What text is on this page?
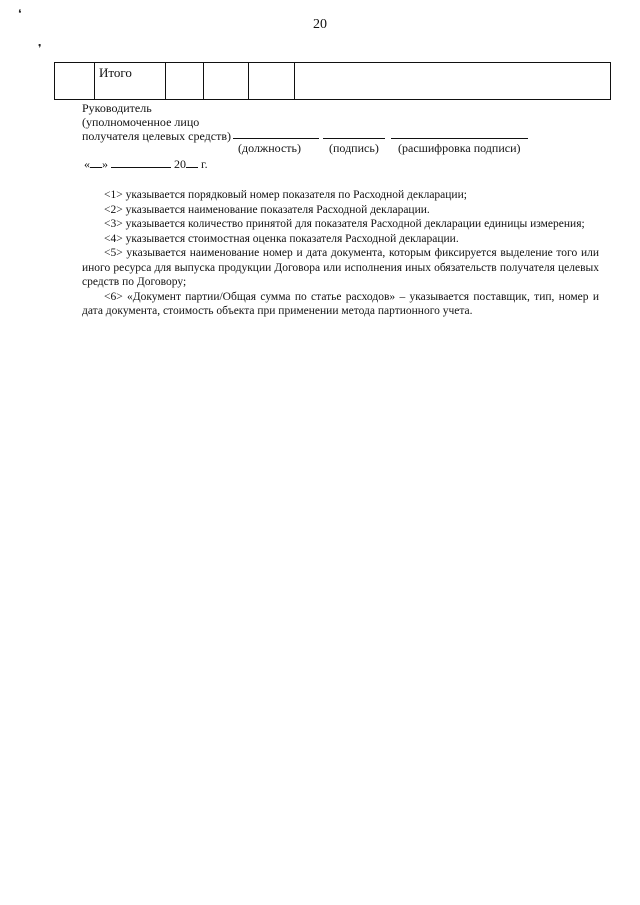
❛
❜
20
	Итого				
Руководитель
(уполномоченное лицо
получателя целевых средств)
(должность) (подпись) (расшифровка подписи)
« »	20 г.

<1> указывается порядковый номер показателя по Расходной декларации;

<2> указывается наименование показателя Расходной декларации.

<3> указывается количество принятой для показателя Расходной декларации единицы измерения;

<4> указывается стоимостная оценка показателя Расходной декларации.

<5> указывается наименование номер и дата документа, которым фиксируется выделение того или иного ресурса для выпуска продукции Договора или исполнения иных обязательств получателя целевых средств по Договору;

<6> «Документ партии/Общая сумма по статье расходов» – указывается поставщик, тип, номер и дата документа, стоимость объекта при применении метода партионного учета.
